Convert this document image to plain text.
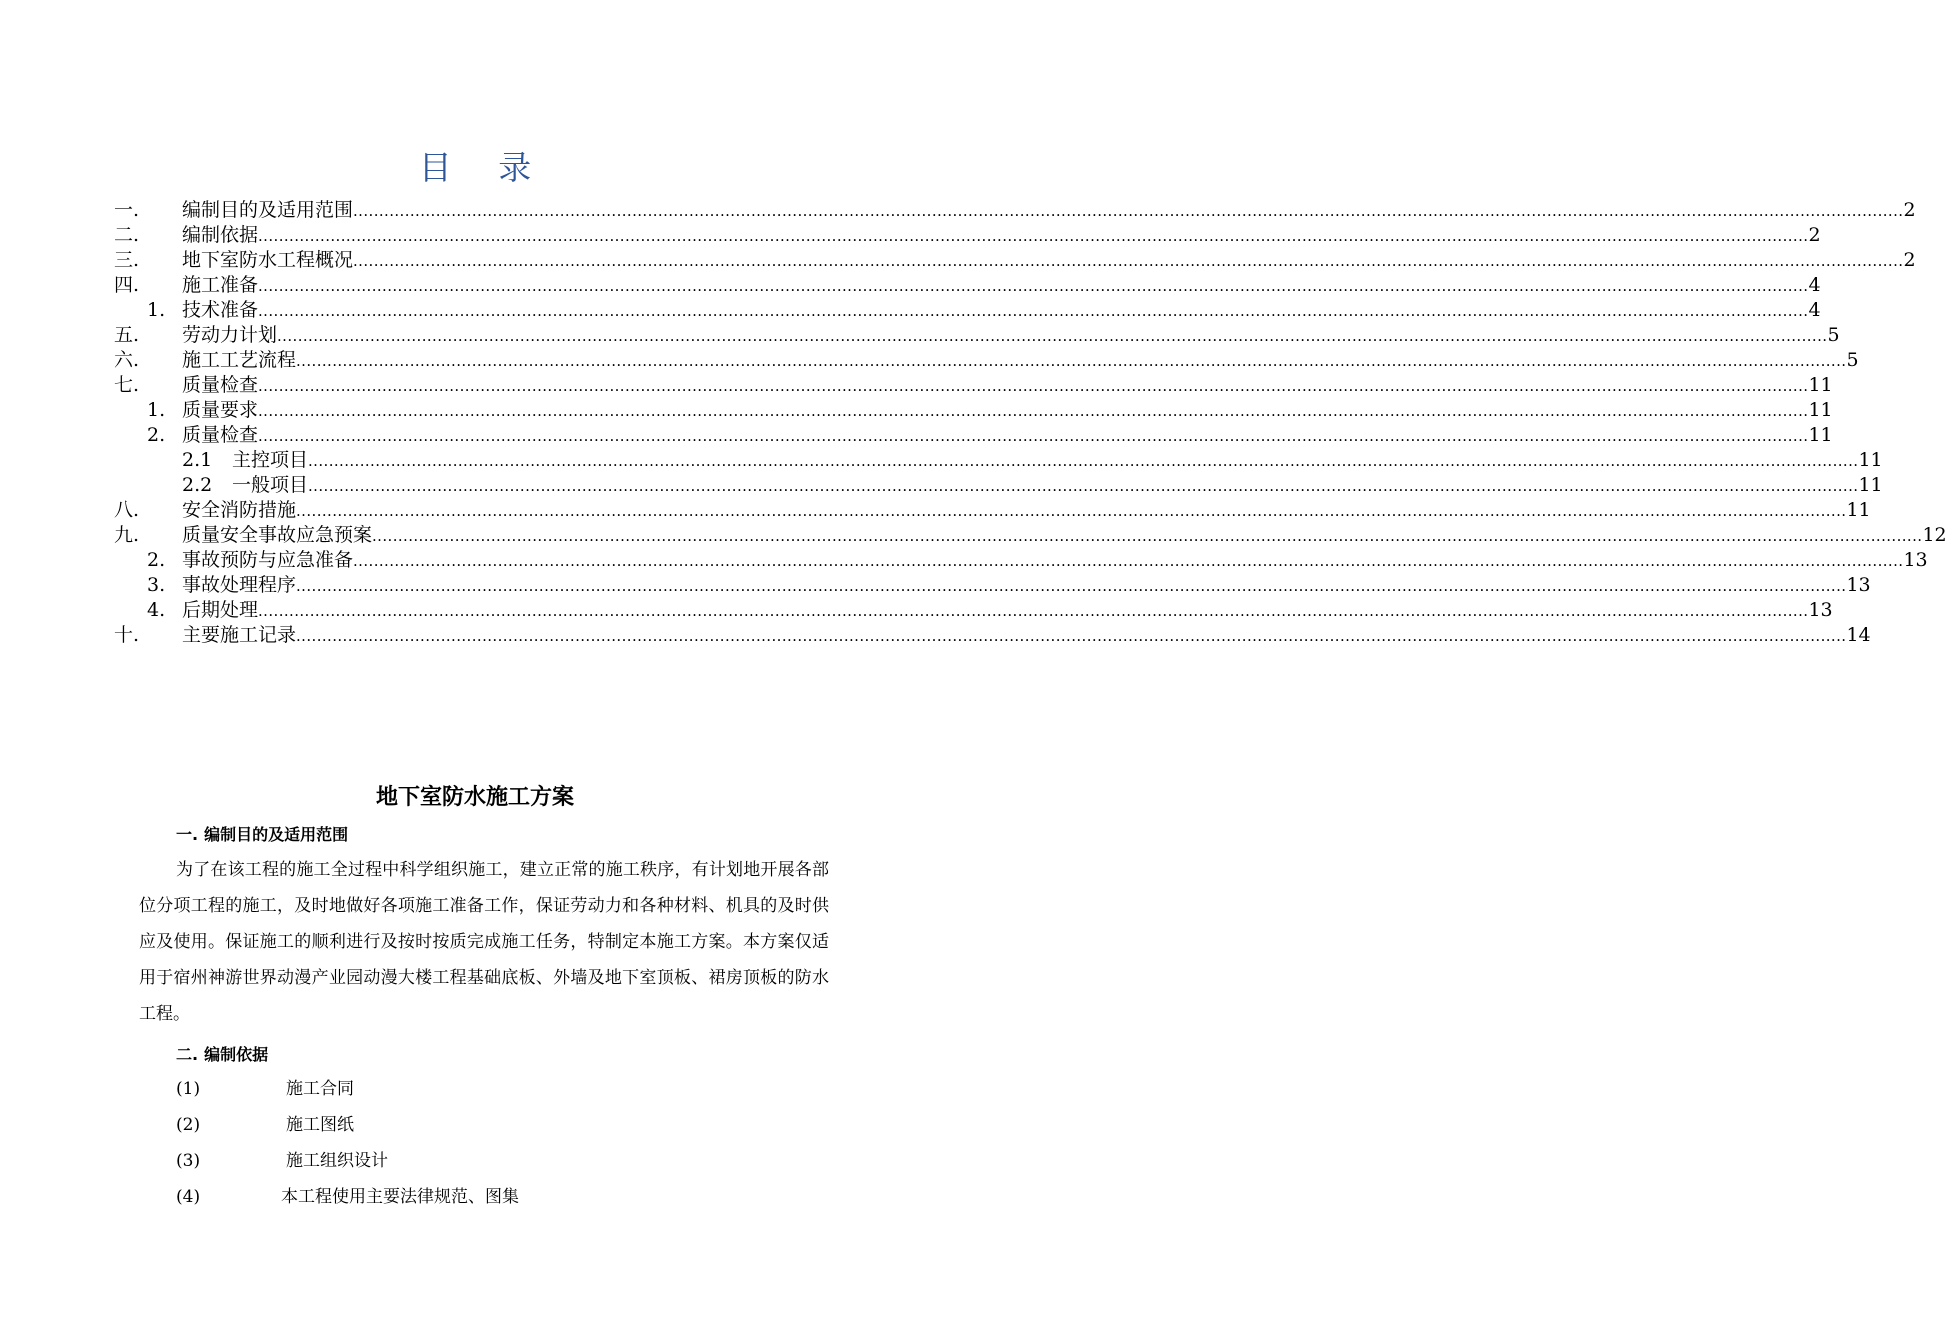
目 录
一. 编制目的及适用范围 ............................................................................................................................................................................................................................................................................................................ 2
二. 编制依据 ............................................................................................................................................................................................................................................................................................................ 2
三. 地下室防水工程概况 ............................................................................................................................................................................................................................................................................................................ 2
四. 施工准备 ............................................................................................................................................................................................................................................................................................................ 4
1. 技术准备 ............................................................................................................................................................................................................................................................................................................ 4
五. 劳动力计划 ............................................................................................................................................................................................................................................................................................................ 5
六. 施工工艺流程 ............................................................................................................................................................................................................................................................................................................ 5
七. 质量检查 ............................................................................................................................................................................................................................................................................................................ 11
1. 质量要求 ............................................................................................................................................................................................................................................................................................................ 11
2. 质量检查 ............................................................................................................................................................................................................................................................................................................ 11
2.1 主控项目 ............................................................................................................................................................................................................................................................................................................ 11
2.2 一般项目 ............................................................................................................................................................................................................................................................................................................ 11
八. 安全消防措施 ............................................................................................................................................................................................................................................................................................................ 11
九. 质量安全事故应急预案 ............................................................................................................................................................................................................................................................................................................ 12
2. 事故预防与应急准备 ............................................................................................................................................................................................................................................................................................................ 13
3. 事故处理程序 ............................................................................................................................................................................................................................................................................................................ 13
4. 后期处理 ............................................................................................................................................................................................................................................................................................................ 13
十. 主要施工记录 ............................................................................................................................................................................................................................................................................................................ 14
地下室防水施工方案
一. 编制目的及适用范围
为了在该工程的施工全过程中科学组织施工，建立正常的施工秩序，有计划地开展各部位分项工程的施工，及时地做好各项施工准备工作，保证劳动力和各种材料、机具的及时供应及使用。保证施工的顺利进行及按时按质完成施工任务，特制定本施工方案。本方案仅适用于宿州神游世界动漫产业园动漫大楼工程基础底板、外墙及地下室顶板、裙房顶板的防水工程。
二. 编制依据
(1)	施工合同
(2)	施工图纸
(3)	施工组织设计
(4)	本工程使用主要法律规范、图集
